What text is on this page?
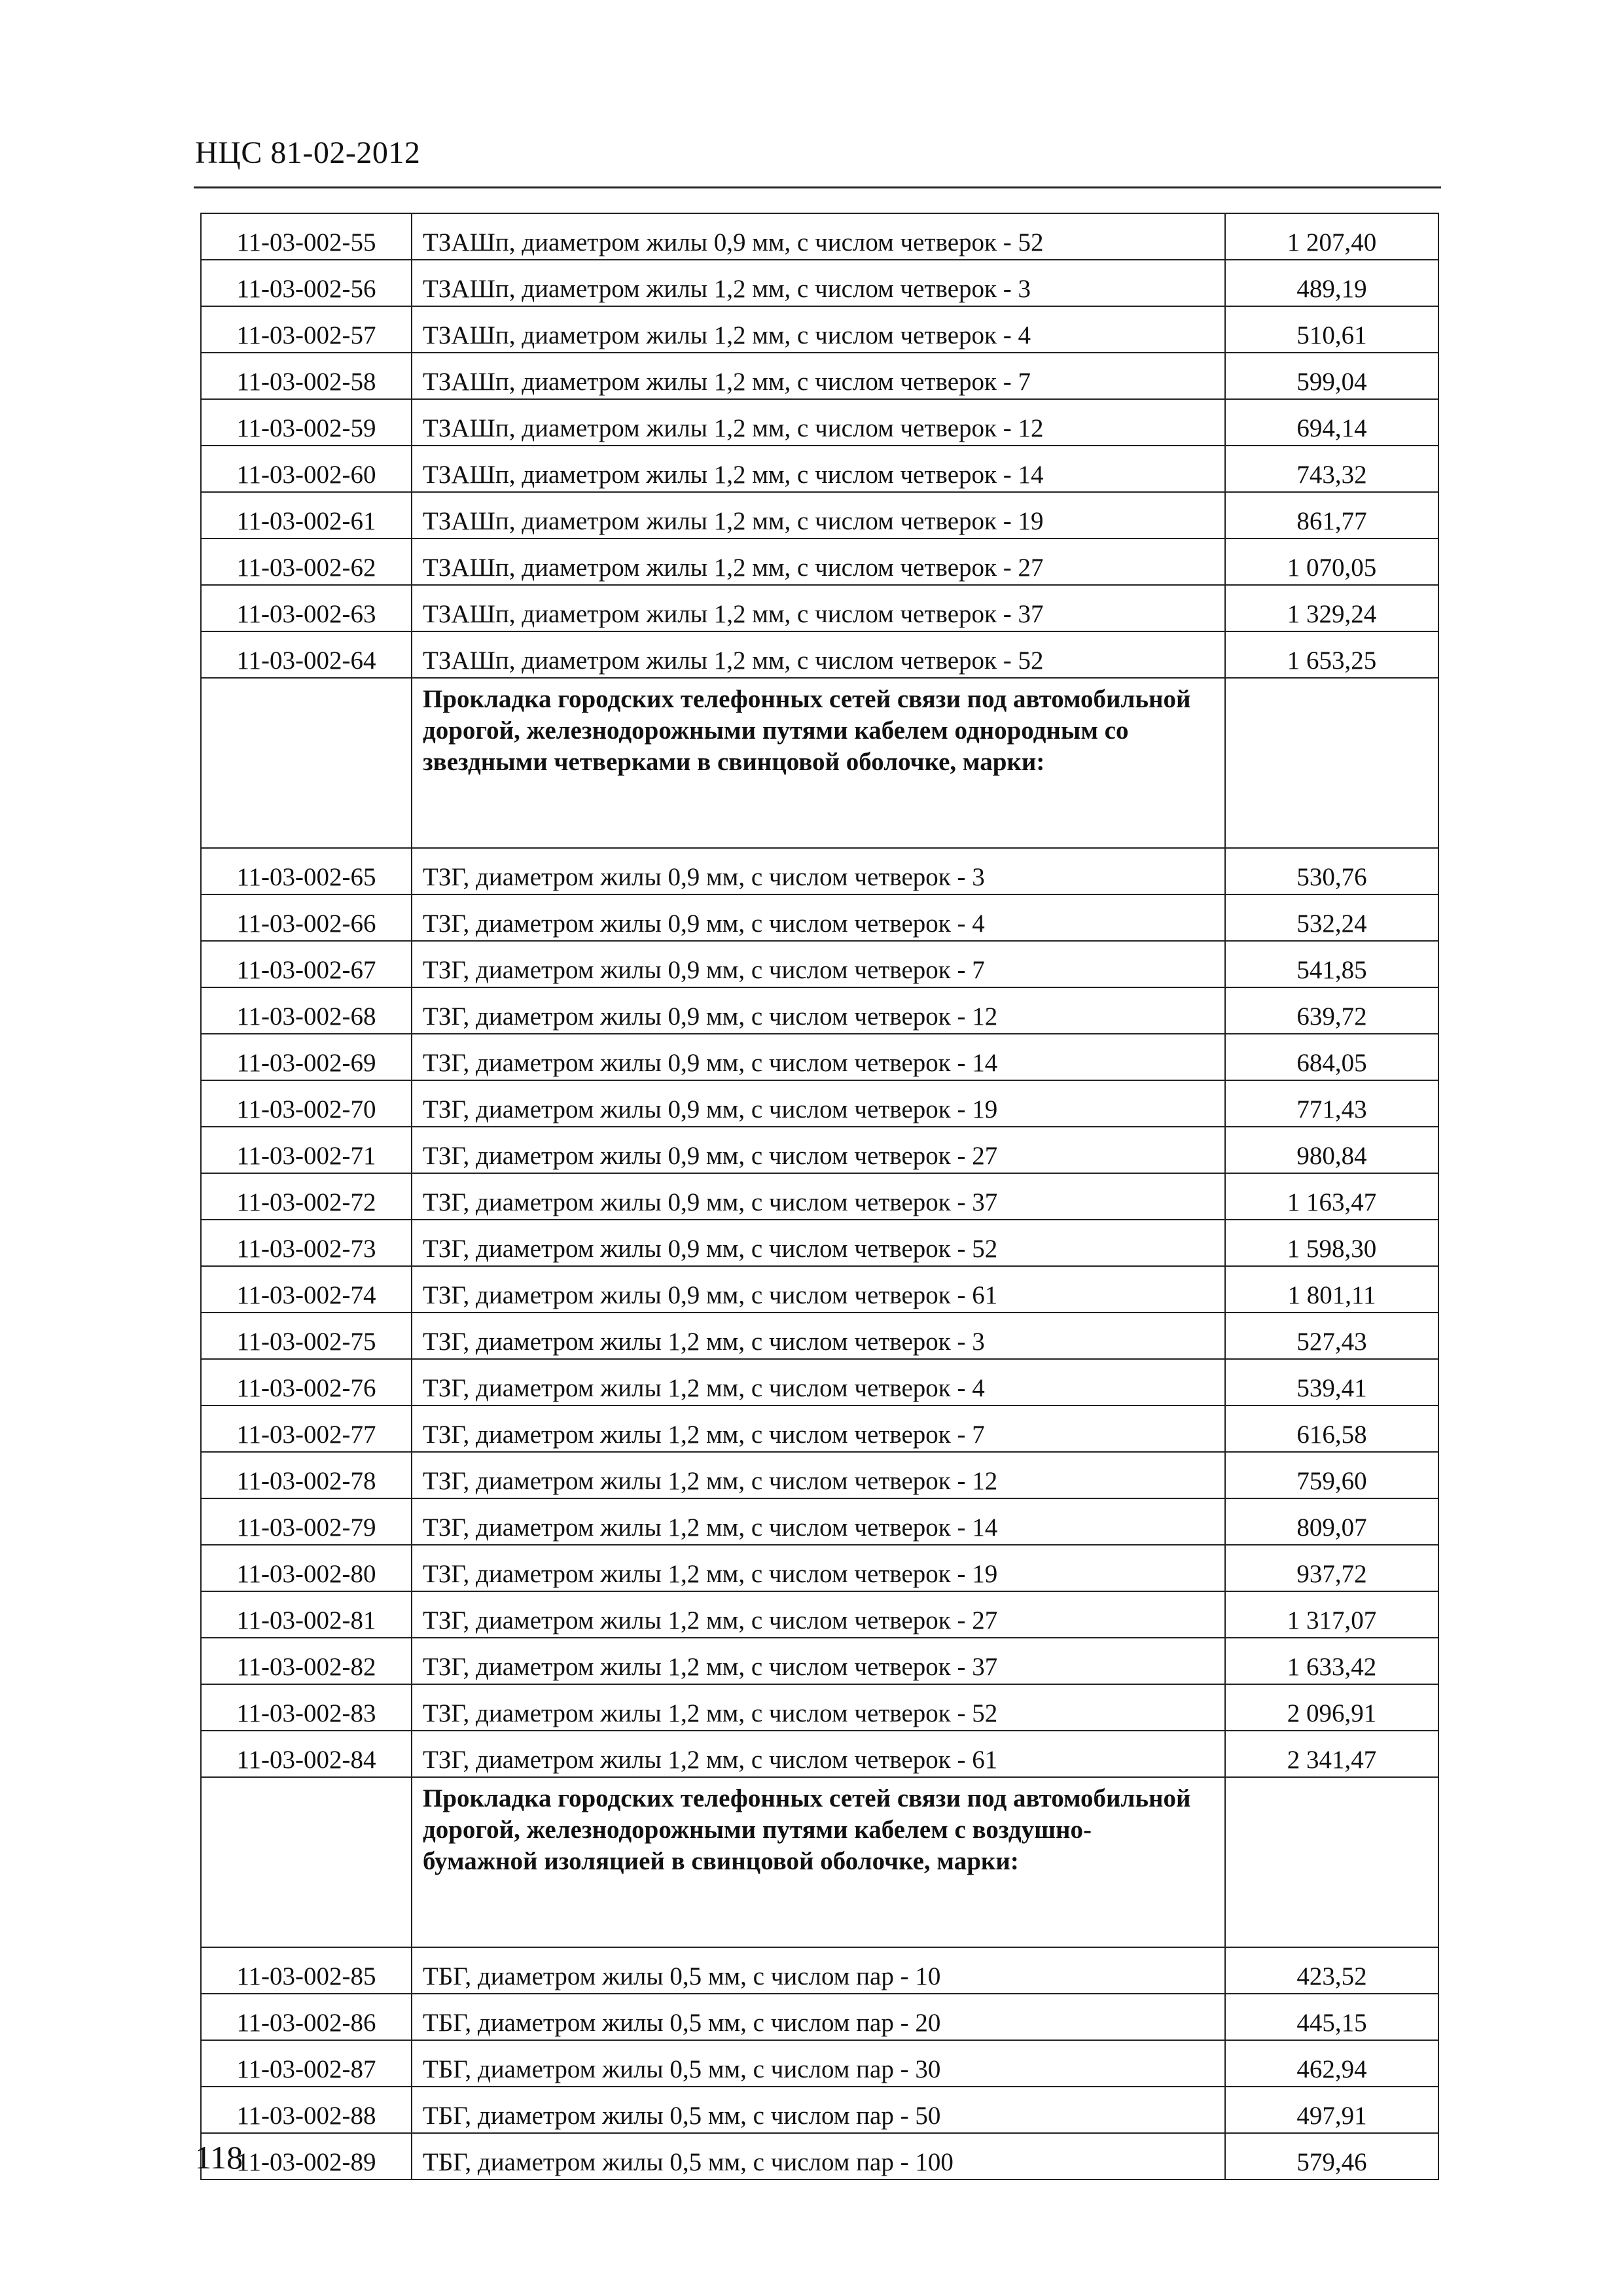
НЦС 81-02-2012
11-03-002-55	ТЗАШп, диаметром жилы 0,9 мм, с числом четверок - 52	1 207,40
11-03-002-56	ТЗАШп, диаметром жилы 1,2 мм, с числом четверок - 3	489,19
11-03-002-57	ТЗАШп, диаметром жилы 1,2 мм, с числом четверок - 4	510,61
11-03-002-58	ТЗАШп, диаметром жилы 1,2 мм, с числом четверок - 7	599,04
11-03-002-59	ТЗАШп, диаметром жилы 1,2 мм, с числом четверок - 12	694,14
11-03-002-60	ТЗАШп, диаметром жилы 1,2 мм, с числом четверок - 14	743,32
11-03-002-61	ТЗАШп, диаметром жилы 1,2 мм, с числом четверок - 19	861,77
11-03-002-62	ТЗАШп, диаметром жилы 1,2 мм, с числом четверок - 27	1 070,05
11-03-002-63	ТЗАШп, диаметром жилы 1,2 мм, с числом четверок - 37	1 329,24
11-03-002-64	ТЗАШп, диаметром жилы 1,2 мм, с числом четверок - 52	1 653,25
	Прокладка городских телефонных сетей связи под автомобильной дорогой, железнодорожными путями кабелем однородным со звездными четверками в свинцовой оболочке, марки:	
11-03-002-65	ТЗГ, диаметром жилы 0,9 мм, с числом четверок - 3	530,76
11-03-002-66	ТЗГ, диаметром жилы 0,9 мм, с числом четверок - 4	532,24
11-03-002-67	ТЗГ, диаметром жилы 0,9 мм, с числом четверок - 7	541,85
11-03-002-68	ТЗГ, диаметром жилы 0,9 мм, с числом четверок - 12	639,72
11-03-002-69	ТЗГ, диаметром жилы 0,9 мм, с числом четверок - 14	684,05
11-03-002-70	ТЗГ, диаметром жилы 0,9 мм, с числом четверок - 19	771,43
11-03-002-71	ТЗГ, диаметром жилы 0,9 мм, с числом четверок - 27	980,84
11-03-002-72	ТЗГ, диаметром жилы 0,9 мм, с числом четверок - 37	1 163,47
11-03-002-73	ТЗГ, диаметром жилы 0,9 мм, с числом четверок - 52	1 598,30
11-03-002-74	ТЗГ, диаметром жилы 0,9 мм, с числом четверок - 61	1 801,11
11-03-002-75	ТЗГ, диаметром жилы 1,2 мм, с числом четверок - 3	527,43
11-03-002-76	ТЗГ, диаметром жилы 1,2 мм, с числом четверок - 4	539,41
11-03-002-77	ТЗГ, диаметром жилы 1,2 мм, с числом четверок - 7	616,58
11-03-002-78	ТЗГ, диаметром жилы 1,2 мм, с числом четверок - 12	759,60
11-03-002-79	ТЗГ, диаметром жилы 1,2 мм, с числом четверок - 14	809,07
11-03-002-80	ТЗГ, диаметром жилы 1,2 мм, с числом четверок - 19	937,72
11-03-002-81	ТЗГ, диаметром жилы 1,2 мм, с числом четверок - 27	1 317,07
11-03-002-82	ТЗГ, диаметром жилы 1,2 мм, с числом четверок - 37	1 633,42
11-03-002-83	ТЗГ, диаметром жилы 1,2 мм, с числом четверок - 52	2 096,91
11-03-002-84	ТЗГ, диаметром жилы 1,2 мм, с числом четверок - 61	2 341,47
	Прокладка городских телефонных сетей связи под автомобильной дорогой, железнодорожными путями кабелем с воздушно-бумажной изоляцией в свинцовой оболочке, марки:	
11-03-002-85	ТБГ, диаметром жилы 0,5 мм, с числом пар - 10	423,52
11-03-002-86	ТБГ, диаметром жилы 0,5 мм, с числом пар - 20	445,15
11-03-002-87	ТБГ, диаметром жилы 0,5 мм, с числом пар - 30	462,94
11-03-002-88	ТБГ, диаметром жилы 0,5 мм, с числом пар - 50	497,91
11-03-002-89	ТБГ, диаметром жилы 0,5 мм, с числом пар - 100	579,46
118
